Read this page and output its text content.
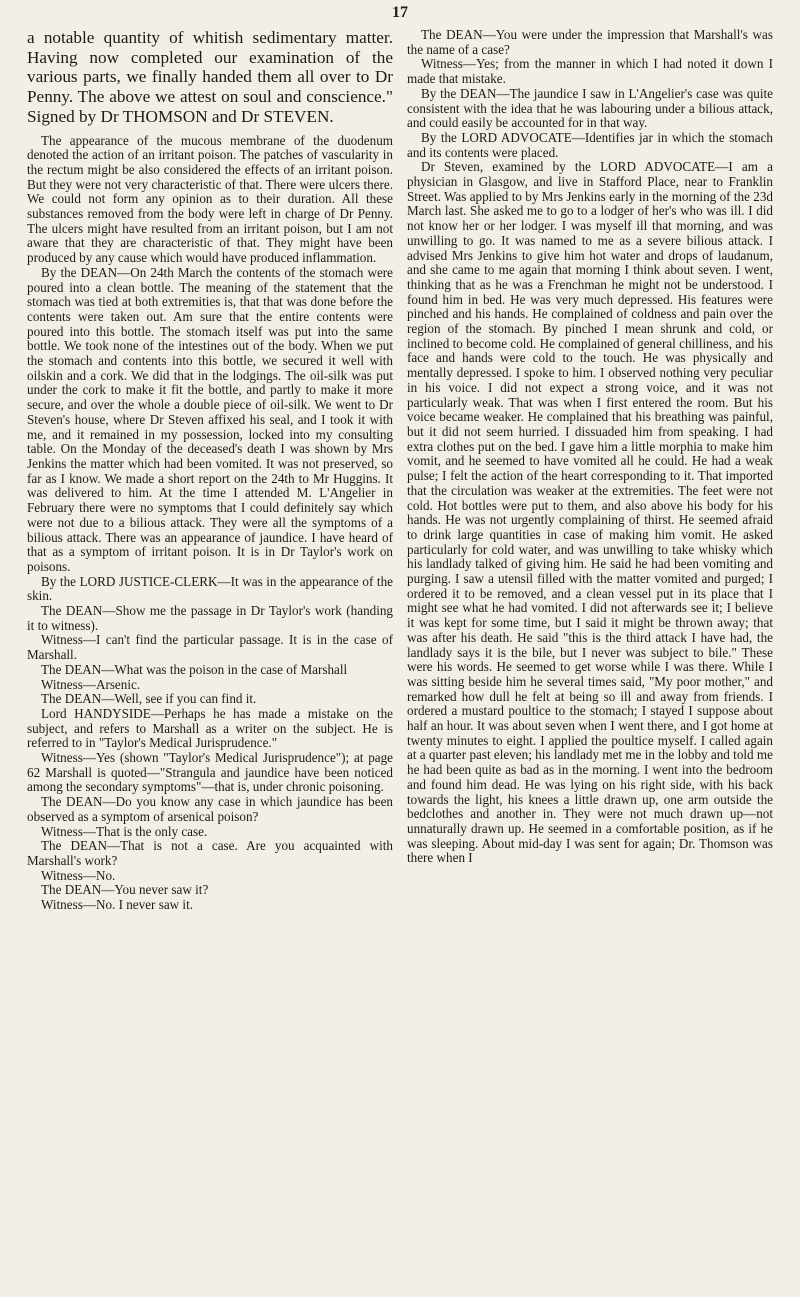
17

a notable quantity of whitish sedimentary matter. Having now completed our examination of the various parts, we finally handed them all over to Dr Penny. The above we attest on soul and conscience." Signed by Dr THOMSON and Dr STEVEN.

The appearance of the mucous membrane of the duodenum denoted the action of an irritant poison. The patches of vascularity in the rectum might be also considered the effects of an irritant poison. But they were not very characteristic of that. There were ulcers there. We could not form any opinion as to their duration. All these substances removed from the body were left in charge of Dr Penny. The ulcers might have resulted from an irritant poison, but I am not aware that they are characteristic of that. They might have been produced by any cause which would have produced inflammation.

By the DEAN—On 24th March the contents of the stomach were poured into a clean bottle. The meaning of the statement that the stomach was tied at both extremities is, that that was done before the contents were taken out. Am sure that the entire contents were poured into this bottle. The stomach itself was put into the same bottle. We took none of the intestines out of the body. When we put the stomach and contents into this bottle, we secured it well with oilskin and a cork. We did that in the lodgings. The oil-silk was put under the cork to make it fit the bottle, and partly to make it more secure, and over the whole a double piece of oil-silk. We went to Dr Steven's house, where Dr Steven affixed his seal, and I took it with me, and it remained in my possession, locked into my consulting table. On the Monday of the deceased's death I was shown by Mrs Jenkins the matter which had been vomited. It was not preserved, so far as I know. We made a short report on the 24th to Mr Huggins. It was delivered to him. At the time I attended M. L'Angelier in February there were no symptoms that I could definitely say which were not due to a bilious attack. They were all the symptoms of a bilious attack. There was an appearance of jaundice. I have heard of that as a symptom of irritant poison. It is in Dr Taylor's work on poisons.

By the LORD JUSTICE-CLERK—It was in the appearance of the skin.

The DEAN—Show me the passage in Dr Taylor's work (handing it to witness).

Witness—I can't find the particular passage. It is in the case of Marshall.

The DEAN—What was the poison in the case of Marshall

Witness—Arsenic.

The DEAN—Well, see if you can find it.

Lord HANDYSIDE—Perhaps he has made a mistake on the subject, and refers to Marshall as a writer on the subject. He is referred to in "Taylor's Medical Jurisprudence."

Witness—Yes (shown "Taylor's Medical Jurisprudence"); at page 62 Marshall is quoted—"Strangula and jaundice have been noticed among the secondary symptoms"—that is, under chronic poisoning.

The DEAN—Do you know any case in which jaundice has been observed as a symptom of arsenical poison?

Witness—That is the only case.

The DEAN—That is not a case. Are you acquainted with Marshall's work?

Witness—No.

The DEAN—You never saw it?

Witness—No. I never saw it.

The DEAN—You were under the impression that Marshall's was the name of a case?

Witness—Yes; from the manner in which I had noted it down I made that mistake.

By the DEAN—The jaundice I saw in L'Angelier's case was quite consistent with the idea that he was labouring under a bilious attack, and could easily be accounted for in that way.

By the LORD ADVOCATE—Identifies jar in which the stomach and its contents were placed.

Dr Steven, examined by the LORD ADVOCATE—I am a physician in Glasgow, and live in Stafford Place, near to Franklin Street. Was applied to by Mrs Jenkins early in the morning of the 23d March last. She asked me to go to a lodger of her's who was ill. I did not know her or her lodger. I was myself ill that morning, and was unwilling to go. It was named to me as a severe bilious attack. I advised Mrs Jenkins to give him hot water and drops of laudanum, and she came to me again that morning I think about seven. I went, thinking that as he was a Frenchman he might not be understood. I found him in bed. He was very much depressed. His features were pinched and his hands. He complained of coldness and pain over the region of the stomach. By pinched I mean shrunk and cold, or inclined to become cold. He complained of general chilliness, and his face and hands were cold to the touch. He was physically and mentally depressed. I spoke to him. I observed nothing very peculiar in his voice. I did not expect a strong voice, and it was not particularly weak. That was when I first entered the room. But his voice became weaker. He complained that his breathing was painful, but it did not seem hurried. I dissuaded him from speaking. I had extra clothes put on the bed. I gave him a little morphia to make him vomit, and he seemed to have vomited all he could. He had a weak pulse; I felt the action of the heart corresponding to it. That imported that the circulation was weaker at the extremities. The feet were not cold. Hot bottles were put to them, and also above his body for his hands. He was not urgently complaining of thirst. He seemed afraid to drink large quantities in case of making him vomit. He asked particularly for cold water, and was unwilling to take whisky which his landlady talked of giving him. He said he had been vomiting and purging. I saw a utensil filled with the matter vomited and purged; I ordered it to be removed, and a clean vessel put in its place that I might see what he had vomited. I did not afterwards see it; I believe it was kept for some time, but I said it might be thrown away; that was after his death. He said "this is the third attack I have had, the landlady says it is the bile, but I never was subject to bile." These were his words. He seemed to get worse while I was there. While I was sitting beside him he several times said, "My poor mother," and remarked how dull he felt at being so ill and away from friends. I ordered a mustard poultice to the stomach; I stayed I suppose about half an hour. It was about seven when I went there, and I got home at twenty minutes to eight. I applied the poultice myself. I called again at a quarter past eleven; his landlady met me in the lobby and told me he had been quite as bad as in the morning. I went into the bedroom and found him dead. He was lying on his right side, with his back towards the light, his knees a little drawn up, one arm outside the bedclothes and another in. They were not much drawn up—not unnaturally drawn up. He seemed in a comfortable position, as if he was sleeping. About mid-day I was sent for again; Dr. Thomson was there when I
